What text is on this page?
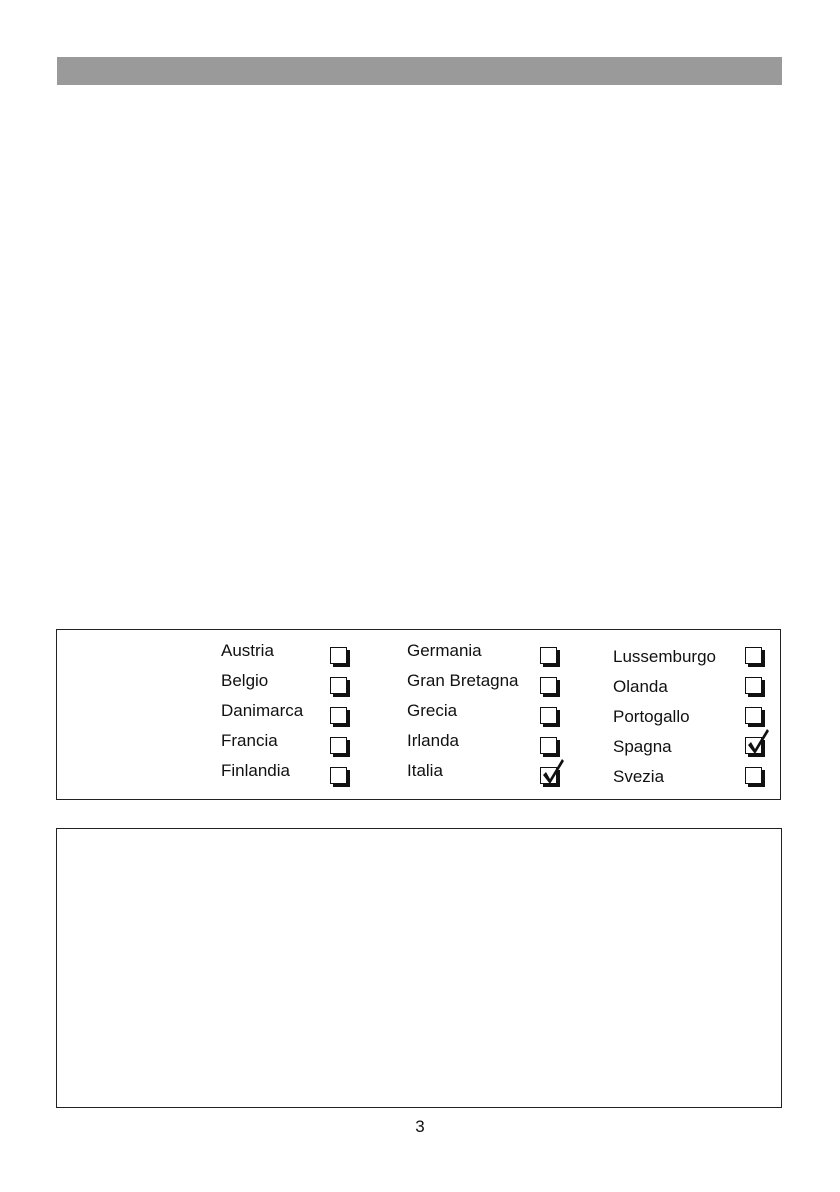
Austria
Belgio
Danimarca
Francia
Finlandia
Germania
Gran Bretagna
Grecia
Irlanda
Italia
Lussemburgo
Olanda
Portogallo
Spagna
Svezia
3
